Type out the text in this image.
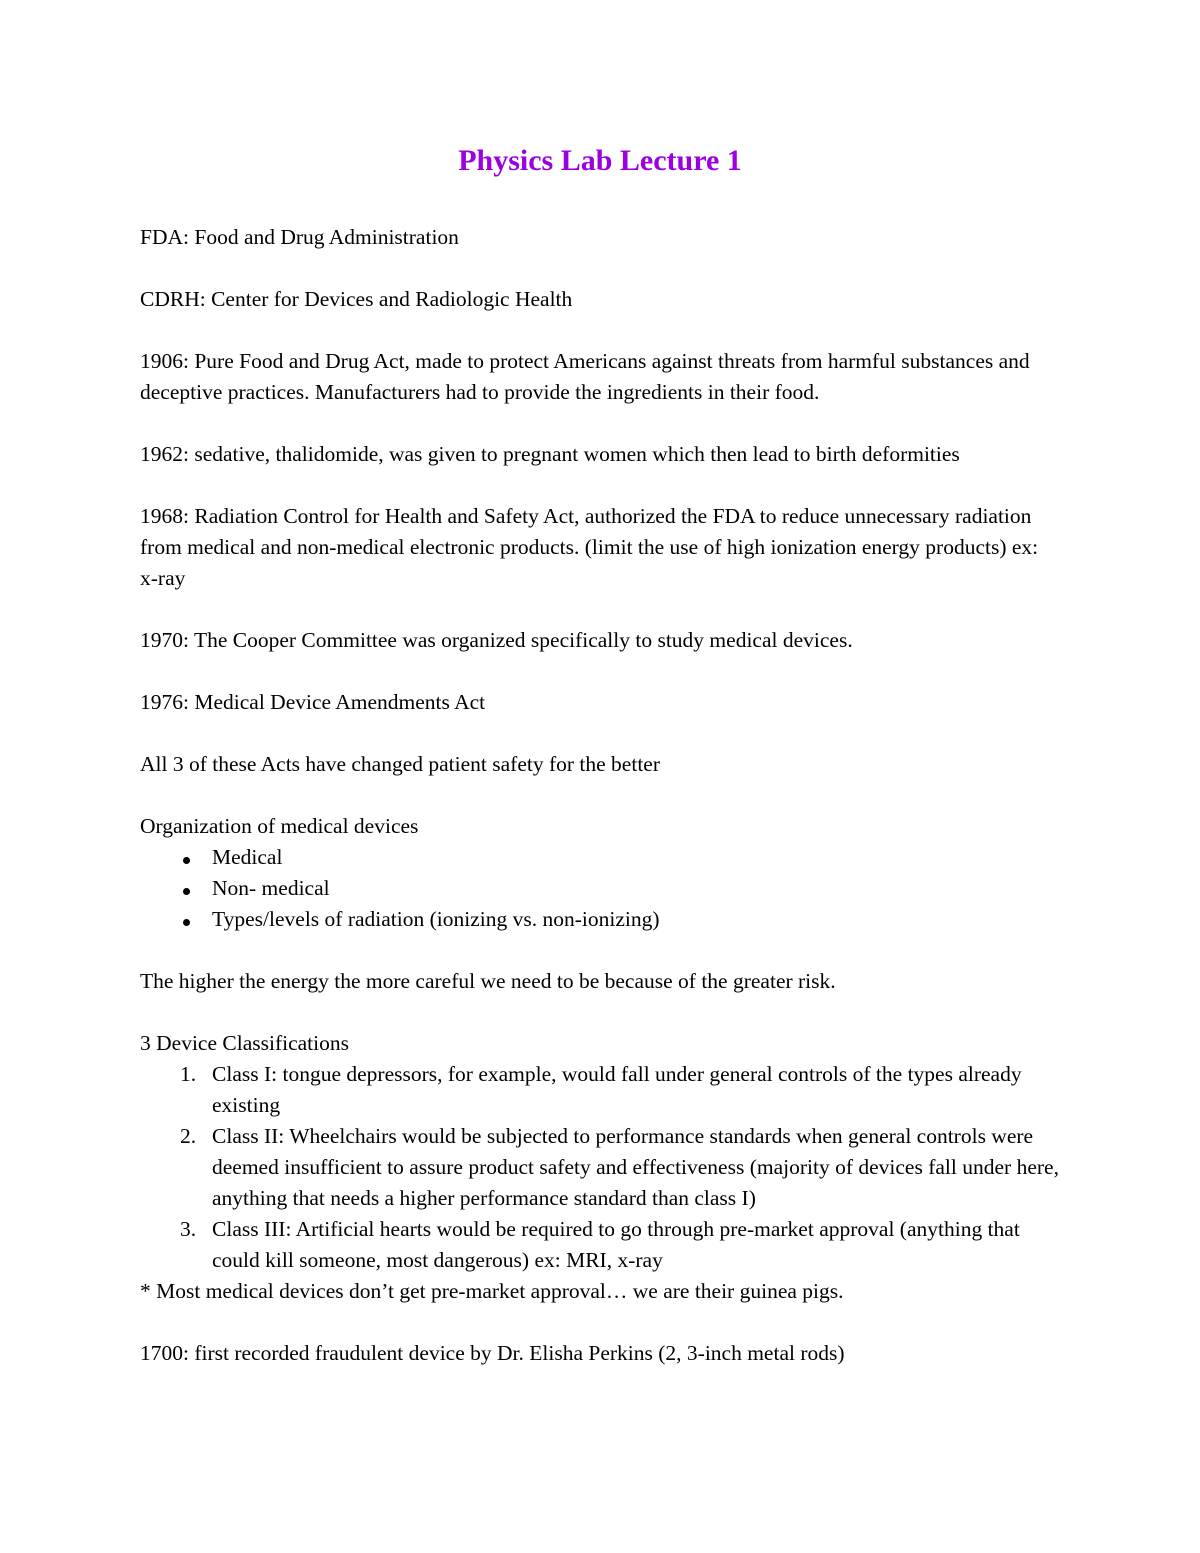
Physics Lab Lecture 1

FDA: Food and Drug Administration

CDRH: Center for Devices and Radiologic Health

1906: Pure Food and Drug Act, made to protect Americans against threats from harmful substances and deceptive practices. Manufacturers had to provide the ingredients in their food.

1962: sedative, thalidomide, was given to pregnant women which then lead to birth deformities

1968: Radiation Control for Health and Safety Act, authorized the FDA to reduce unnecessary radiation from medical and non-medical electronic products. (limit the use of high ionization energy products) ex: x-ray

1970: The Cooper Committee was organized specifically to study medical devices.

1976: Medical Device Amendments Act

All 3 of these Acts have changed patient safety for the better

Organization of medical devices

Medical
Non- medical
Types/levels of radiation (ionizing vs. non-ionizing)

The higher the energy the more careful we need to be because of the greater risk.

3 Device Classifications

1. Class I: tongue depressors, for example, would fall under general controls of the types already existing
2. Class II: Wheelchairs would be subjected to performance standards when general controls were deemed insufficient to assure product safety and effectiveness (majority of devices fall under here, anything that needs a higher performance standard than class I)
3. Class III: Artificial hearts would be required to go through pre-market approval (anything that could kill someone, most dangerous) ex: MRI, x-ray

* Most medical devices don’t get pre-market approval… we are their guinea pigs.

1700: first recorded fraudulent device by Dr. Elisha Perkins (2, 3-inch metal rods)
